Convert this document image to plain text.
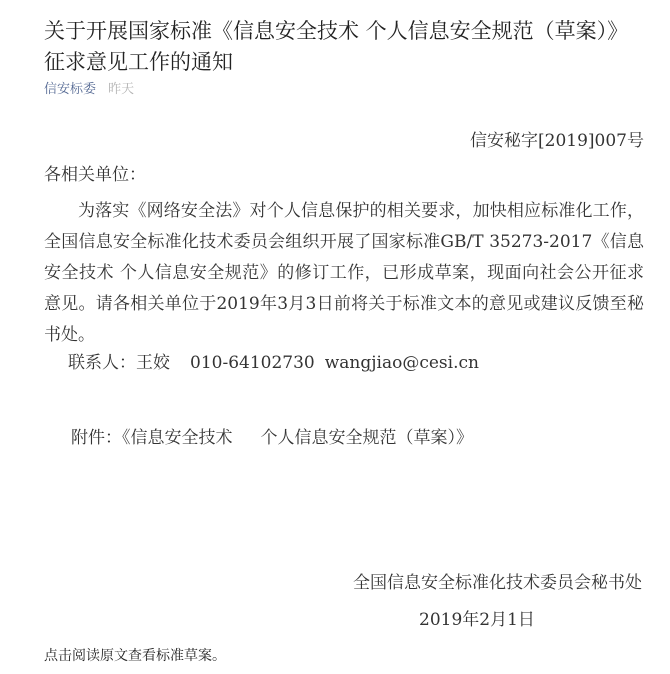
关于开展国家标准《信息安全技术 个人信息安全规范（草案）》征求意见工作的通知
信安标委 昨天
信安秘字[2019]007号
各相关单位：

为落实《网络安全法》对个人信息保护的相关要求，加快相应标准化工作，全国信息安全标准化技术委员会组织开展了国家标准GB/T 35273-2017《信息安全技术 个人信息安全规范》的修订工作，已形成草案，现面向社会公开征求意见。请各相关单位于2019年3月3日前将关于标准文本的意见或建议反馈至秘书处。

联系人：王姣 010-64102730 wangjiao@cesi.cn
附件：《信息安全技术 个人信息安全规范（草案）》
全国信息安全标准化技术委员会秘书处
2019年2月1日
点击阅读原文查看标准草案。
